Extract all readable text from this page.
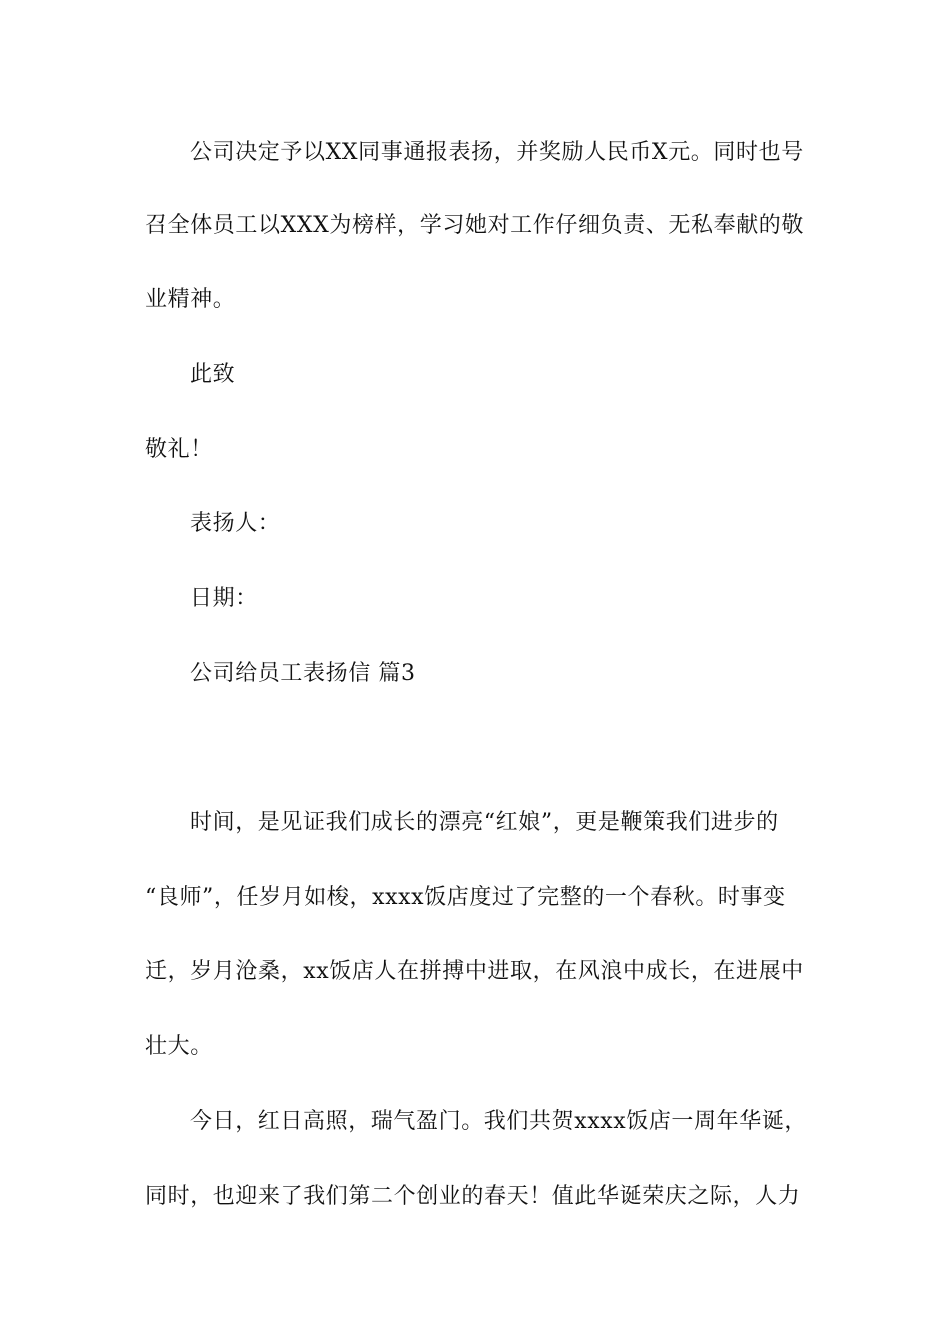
公司决定予以XX同事通报表扬，并奖励人民币X元。同时也号
召全体员工以XXX为榜样，学习她对工作仔细负责、无私奉献的敬
业精神。
此致
敬礼！
表扬人：
日期：
公司给员工表扬信 篇3
时间，是见证我们成长的漂亮“红娘”，更是鞭策我们进步的
“良师”，任岁月如梭，xxxx饭店度过了完整的一个春秋。时事变
迁，岁月沧桑，xx饭店人在拼搏中进取，在风浪中成长，在进展中
壮大。
今日，红日高照，瑞气盈门。我们共贺xxxx饭店一周年华诞，
同时，也迎来了我们第二个创业的春天！值此华诞荣庆之际，人力
